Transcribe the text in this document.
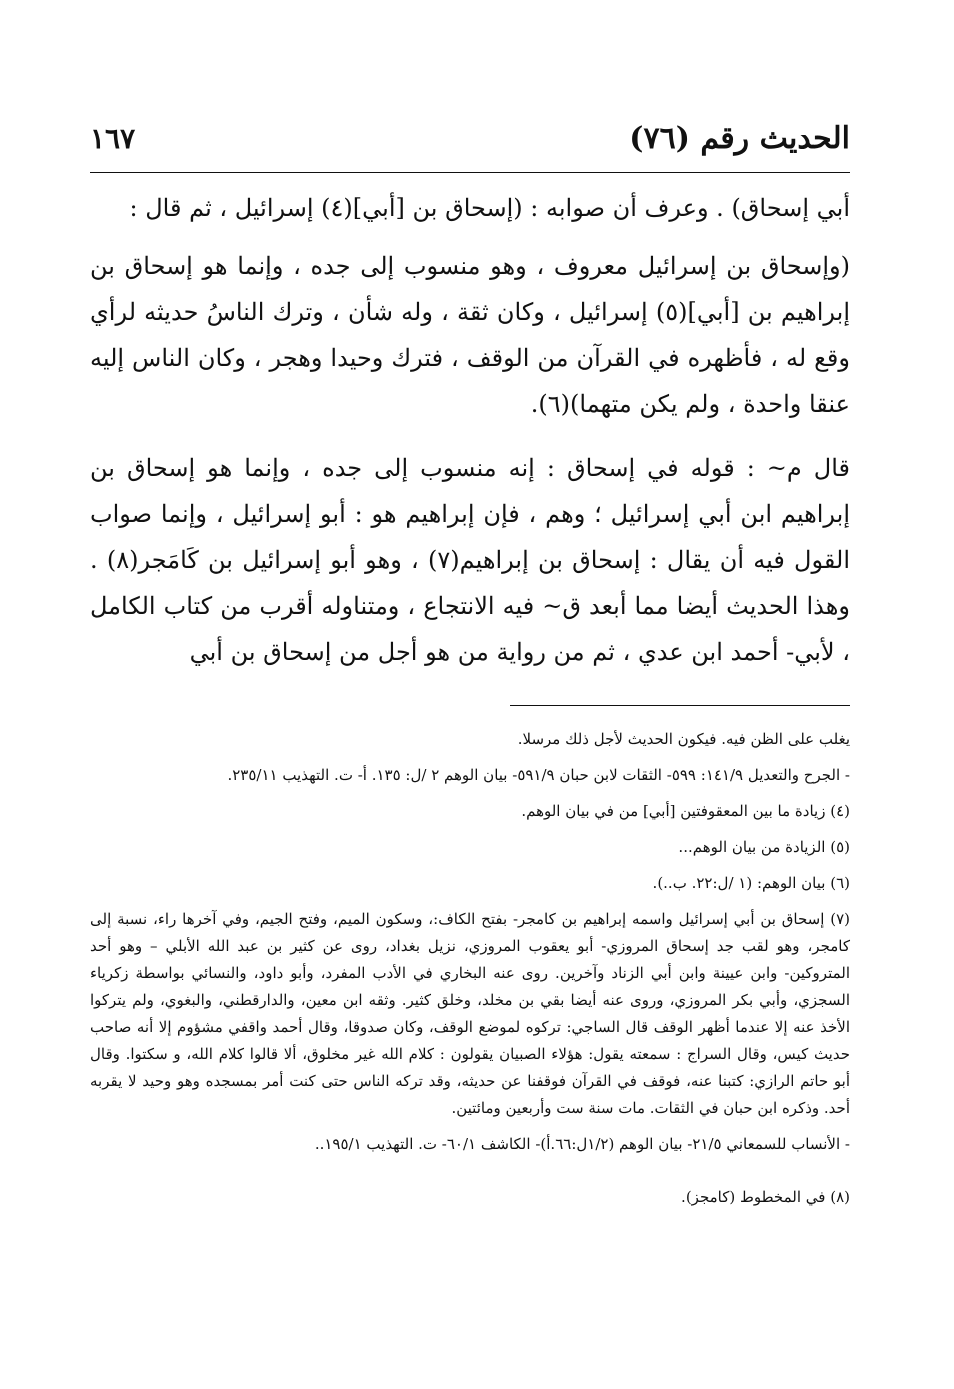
الحديث رقم (٧٦)
١٦٧

أبي إسحاق) . وعرف أن صوابه : (إسحاق بن [أبي](٤) إسرائيل ، ثم قال :

(وإسحاق بن إسرائيل معروف ، وهو منسوب إلى جده ، وإنما هو إسحاق بن إبراهيم بن [أبي](٥) إسرائيل ، وكان ثقة ، وله شأن ، وترك الناسُ حديثه لرأي وقع له ، فأظهره في القرآن من الوقف ، فترك وحيدا وهجر ، وكان الناس إليه عنقا واحدة ، ولم يكن متهما)(٦).

قال م~ : قوله في إسحاق : إنه منسوب إلى جده ، وإنما هو إسحاق بن إبراهيم ابن أبي إسرائيل ؛ وهم ، فإن إبراهيم هو : أبو إسرائيل ، وإنما صواب القول فيه أن يقال : إسحاق بن إبراهيم(٧) ، وهو أبو إسرائيل بن كَامَجر(٨) . وهذا الحديث أيضا مما أبعد ق~ فيه الانتجاع ، ومتناوله أقرب من كتاب الكامل ، لأبي- أحمد ابن عدي ، ثم من رواية من هو أجل من إسحاق بن أبي

يغلب على الظن فيه. فيكون الحديث لأجل ذلك مرسلا.

- الجرح والتعديل ١٤١/٩: ٥٩٩- الثقات لابن حبان ٥٩١/٩- بيان الوهم ٢ /ل: ١٣٥. أ- ت. التهذيب ٢٣٥/١١.

(٤) زيادة ما بين المعقوفتين [أبي] من في بيان الوهم.

(٥) الزيادة من بيان الوهم...

(٦) بيان الوهم: (١ /ل:٢٢. ب..).

(٧) إسحاق بن أبي إسرائيل واسمه إبراهيم بن كامجر- بفتح الكاف:، وسكون الميم، وفتح الجيم، وفي آخرها راء، نسبة إلى كامجر، وهو لقب جد إسحاق المروزي- أبو يعقوب المروزي، نزيل بغداد، روى عن كثير بن عبد الله الأبلي – وهو أحد المتروكين- وابن عيينة وابن أبي الزناد وآخرين. روى عنه البخاري في الأدب المفرد، وأبو داود، والنسائي بواسطة زكرياء السجزي، وأبي بكر المروزي، وروى عنه أيضا بقي بن مخلد، وخلق كثير. وثقه ابن معين، والدارقطني، والبغوي، ولم يتركوا الأخذ عنه إلا عندما أظهر الوقف قال الساجي: تركوه لموضع الوقف، وكان صدوقا، وقال أحمد واقفي مشؤوم إلا أنه صاحب حديث كيس، وقال السراج : سمعته يقول: هؤلاء الصبيان يقولون : كلام الله غير مخلوق، ألا قالوا كلام الله، و سكتوا. وقال أبو حاتم الرازي: كتبنا عنه، فوقف في القرآن فوقفنا عن حديثه، وقد تركه الناس حتى كنت أمر بمسجده وهو وحيد لا يقربه أحد. وذكره ابن حبان في الثقات. مات سنة ست وأربعين ومائتين.

- الأنساب للسمعاني ٢١/٥- بيان الوهم (١/٢ل:٦٦.أ)- الكاشف ٦٠/١- ت. التهذيب ١٩٥/١..

(٨) في المخطوط (كامجز).
